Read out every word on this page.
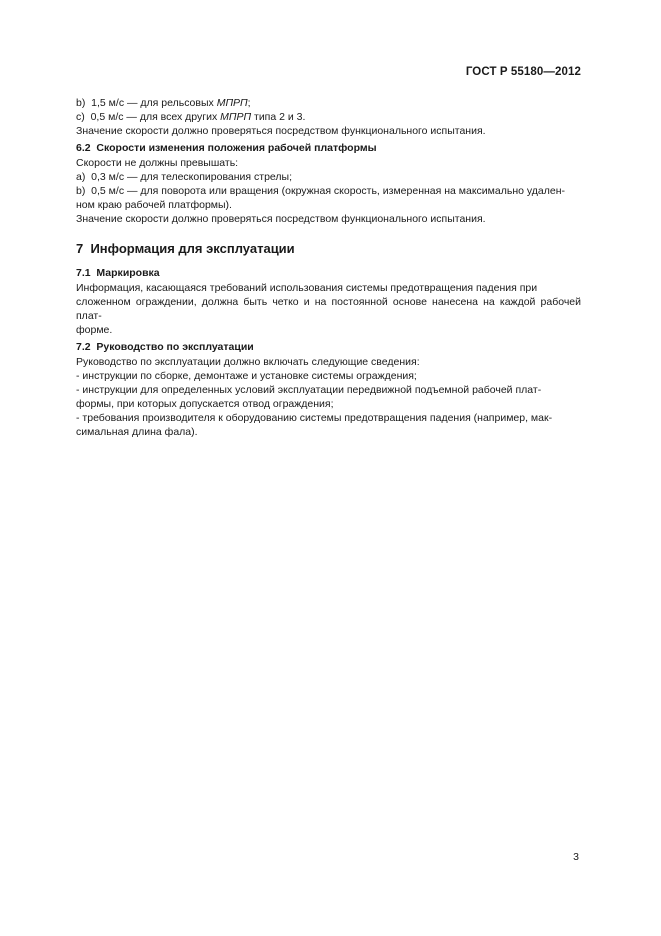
ГОСТ Р 55180—2012
b)  1,5 м/с — для рельсовых МПРП;
c)  0,5 м/с — для всех других МПРП типа 2 и 3.
Значение скорости должно проверяться посредством функционального испытания.
6.2  Скорости изменения положения рабочей платформы
Скорости не должны превышать:
a)  0,3 м/с — для телескопирования стрелы;
b)  0,5 м/с — для поворота или вращения (окружная скорость, измеренная на максимально удален-
ном краю рабочей платформы).
Значение скорости должно проверяться посредством функционального испытания.
7  Информация для эксплуатации
7.1  Маркировка
Информация, касающаяся требований использования системы предотвращения падения при
сложенном ограждении, должна быть четко и на постоянной основе нанесена на каждой рабочей плат-
форме.
7.2  Руководство по эксплуатации
Руководство по эксплуатации должно включать следующие сведения:
- инструкции по сборке, демонтаже и установке системы ограждения;
- инструкции для определенных условий эксплуатации передвижной подъемной рабочей плат-
формы, при которых допускается отвод ограждения;
- требования производителя к оборудованию системы предотвращения падения (например, мак-
симальная длина фала).
3
